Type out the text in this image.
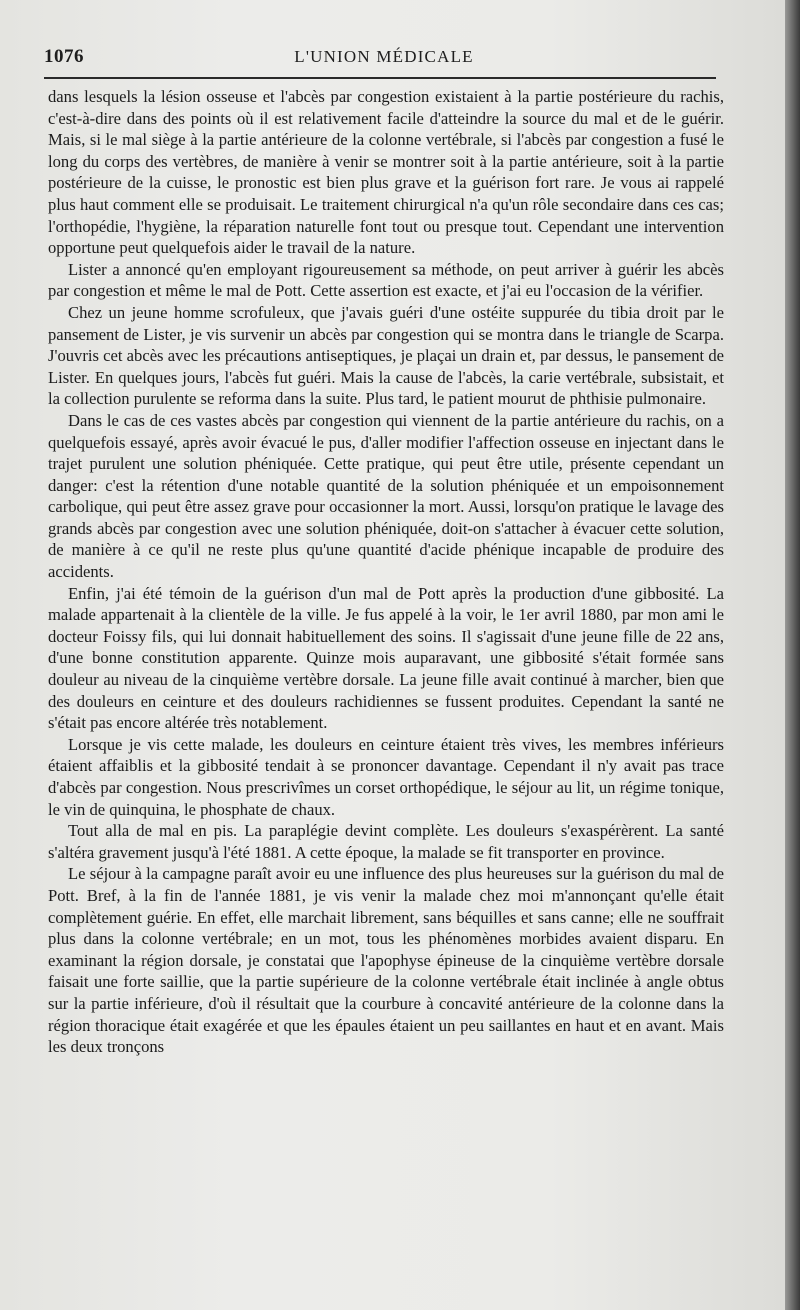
1076	L'UNION MÉDICALE

dans lesquels la lésion osseuse et l'abcès par congestion existaient à la partie postérieure du rachis, c'est-à-dire dans des points où il est relativement facile d'atteindre la source du mal et de le guérir. Mais, si le mal siège à la partie antérieure de la colonne vertébrale, si l'abcès par congestion a fusé le long du corps des vertèbres, de manière à venir se montrer soit à la partie antérieure, soit à la partie postérieure de la cuisse, le pronostic est bien plus grave et la guérison fort rare. Je vous ai rappelé plus haut comment elle se produisait. Le traitement chirurgical n'a qu'un rôle secondaire dans ces cas; l'orthopédie, l'hygiène, la réparation naturelle font tout ou presque tout. Cependant une intervention opportune peut quelquefois aider le travail de la nature.

Lister a annoncé qu'en employant rigoureusement sa méthode, on peut arriver à guérir les abcès par congestion et même le mal de Pott. Cette assertion est exacte, et j'ai eu l'occasion de la vérifier.

Chez un jeune homme scrofuleux, que j'avais guéri d'une ostéite suppurée du tibia droit par le pansement de Lister, je vis survenir un abcès par congestion qui se montra dans le triangle de Scarpa. J'ouvris cet abcès avec les précautions antiseptiques, je plaçai un drain et, par dessus, le pansement de Lister. En quelques jours, l'abcès fut guéri. Mais la cause de l'abcès, la carie vertébrale, subsistait, et la collection purulente se reforma dans la suite. Plus tard, le patient mourut de phthisie pulmonaire.

Dans le cas de ces vastes abcès par congestion qui viennent de la partie antérieure du rachis, on a quelquefois essayé, après avoir évacué le pus, d'aller modifier l'affection osseuse en injectant dans le trajet purulent une solution phéniquée. Cette pratique, qui peut être utile, présente cependant un danger: c'est la rétention d'une notable quantité de la solution phéniquée et un empoisonnement carbolique, qui peut être assez grave pour occasionner la mort. Aussi, lorsqu'on pratique le lavage des grands abcès par congestion avec une solution phéniquée, doit-on s'attacher à évacuer cette solution, de manière à ce qu'il ne reste plus qu'une quantité d'acide phénique incapable de produire des accidents.

Enfin, j'ai été témoin de la guérison d'un mal de Pott après la production d'une gibbosité. La malade appartenait à la clientèle de la ville. Je fus appelé à la voir, le 1er avril 1880, par mon ami le docteur Foissy fils, qui lui donnait habituellement des soins. Il s'agissait d'une jeune fille de 22 ans, d'une bonne constitution apparente. Quinze mois auparavant, une gibbosité s'était formée sans douleur au niveau de la cinquième vertèbre dorsale. La jeune fille avait continué à marcher, bien que des douleurs en ceinture et des douleurs rachidiennes se fussent produites. Cependant la santé ne s'était pas encore altérée très notablement.

Lorsque je vis cette malade, les douleurs en ceinture étaient très vives, les membres inférieurs étaient affaiblis et la gibbosité tendait à se prononcer davantage. Cependant il n'y avait pas trace d'abcès par congestion. Nous prescrivîmes un corset orthopédique, le séjour au lit, un régime tonique, le vin de quinquina, le phosphate de chaux.

Tout alla de mal en pis. La paraplégie devint complète. Les douleurs s'exaspérèrent. La santé s'altéra gravement jusqu'à l'été 1881. A cette époque, la malade se fit transporter en province.

Le séjour à la campagne paraît avoir eu une influence des plus heureuses sur la guérison du mal de Pott. Bref, à la fin de l'année 1881, je vis venir la malade chez moi m'annonçant qu'elle était complètement guérie. En effet, elle marchait librement, sans béquilles et sans canne; elle ne souffrait plus dans la colonne vertébrale; en un mot, tous les phénomènes morbides avaient disparu. En examinant la région dorsale, je constatai que l'apophyse épineuse de la cinquième vertèbre dorsale faisait une forte saillie, que la partie supérieure de la colonne vertébrale était inclinée à angle obtus sur la partie inférieure, d'où il résultait que la courbure à concavité antérieure de la colonne dans la région thoracique était exagérée et que les épaules étaient un peu saillantes en haut et en avant. Mais les deux tronçons
